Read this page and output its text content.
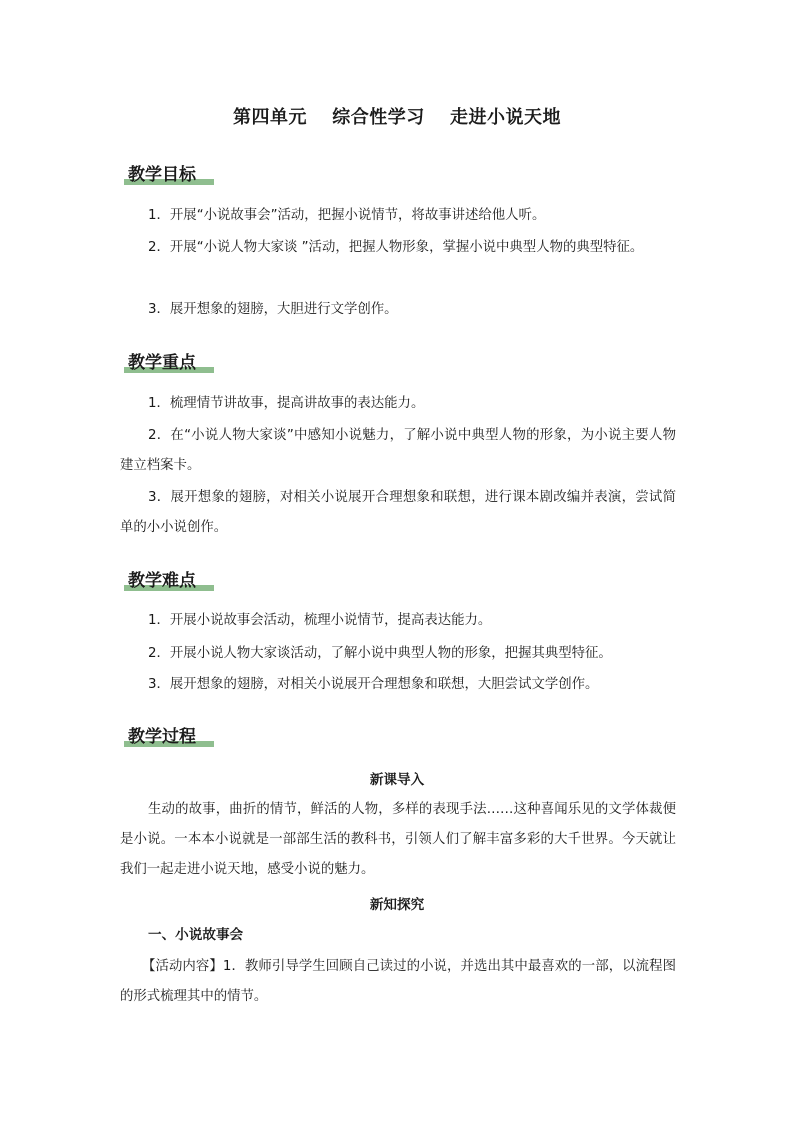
第四单元　 综合性学习　 走进小说天地
教学目标
1．开展“小说故事会”活动，把握小说情节，将故事讲述给他人听。
2．开展“小说人物大家谈 ”活动，把握人物形象，掌握小说中典型人物的典型特征。
3．展开想象的翅膀，大胆进行文学创作。
教学重点
1．梳理情节讲故事，提高讲故事的表达能力。
2．在“小说人物大家谈”中感知小说魅力，了解小说中典型人物的形象，为小说主要人物建立档案卡。
3．展开想象的翅膀，对相关小说展开合理想象和联想，进行课本剧改编并表演，尝试简单的小小说创作。
教学难点
1．开展小说故事会活动，梳理小说情节，提高表达能力。
2．开展小说人物大家谈活动，了解小说中典型人物的形象，把握其典型特征。
3．展开想象的翅膀，对相关小说展开合理想象和联想，大胆尝试文学创作。
教学过程
新课导入
生动的故事，曲折的情节，鲜活的人物，多样的表现手法……这种喜闻乐见的文学体裁便是小说。一本本小说就是一部部生活的教科书，引领人们了解丰富多彩的大千世界。今天就让我们一起走进小说天地，感受小说的魅力。
新知探究
一、小说故事会
【活动内容】1．教师引导学生回顾自己读过的小说，并选出其中最喜欢的一部，以流程图的形式梳理其中的情节。
